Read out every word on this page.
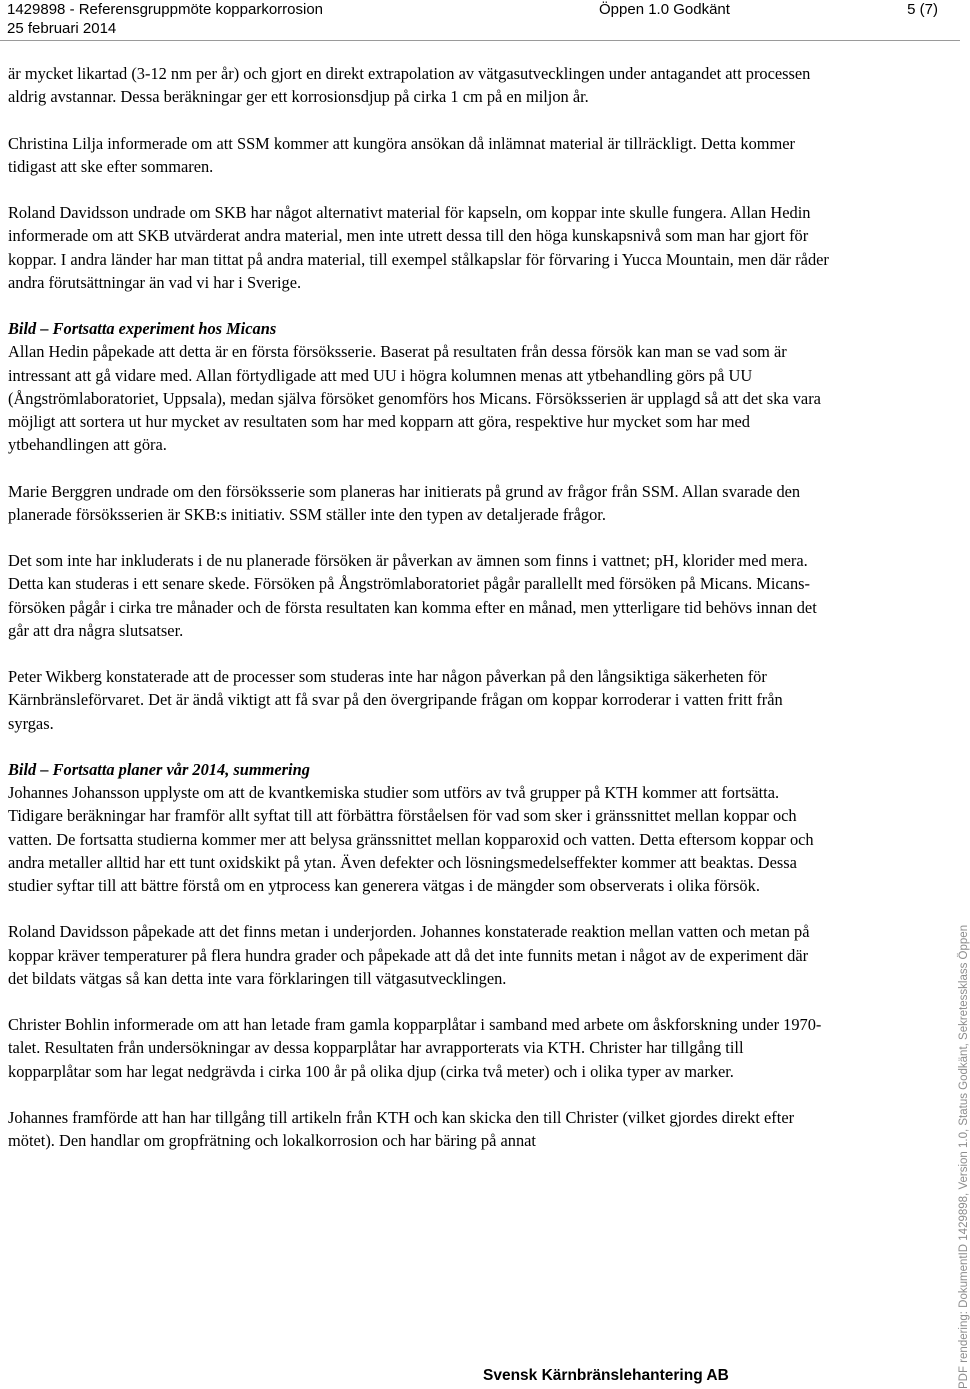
1429898 - Referensgruppmöte kopparkorrosion	Öppen 1.0 Godkänt	5 (7)
25 februari 2014

är mycket likartad (3-12 nm per år) och gjort en direkt extrapolation av vätgasutvecklingen under antagandet att processen aldrig avstannar. Dessa beräkningar ger ett korrosionsdjup på cirka 1 cm på en miljon år.

Christina Lilja informerade om att SSM kommer att kungöra ansökan då inlämnat material är tillräckligt. Detta kommer tidigast att ske efter sommaren.

Roland Davidsson undrade om SKB har något alternativt material för kapseln, om koppar inte skulle fungera. Allan Hedin informerade om att SKB utvärderat andra material, men inte utrett dessa till den höga kunskapsnivå som man har gjort för koppar. I andra länder har man tittat på andra material, till exempel stålkapslar för förvaring i Yucca Mountain, men där råder andra förutsättningar än vad vi har i Sverige.

Bild – Fortsatta experiment hos Micans

Allan Hedin påpekade att detta är en första försöksserie. Baserat på resultaten från dessa försök kan man se vad som är intressant att gå vidare med. Allan förtydligade att med UU i högra kolumnen menas att ytbehandling görs på UU (Ångströmlaboratoriet, Uppsala), medan själva försöket genomförs hos Micans. Försöksserien är upplagd så att det ska vara möjligt att sortera ut hur mycket av resultaten som har med kopparn att göra, respektive hur mycket som har med ytbehandlingen att göra.

Marie Berggren undrade om den försöksserie som planeras har initierats på grund av frågor från SSM. Allan svarade den planerade försöksserien är SKB:s initiativ. SSM ställer inte den typen av detaljerade frågor.

Det som inte har inkluderats i de nu planerade försöken är påverkan av ämnen som finns i vattnet; pH, klorider med mera. Detta kan studeras i ett senare skede. Försöken på Ångströmlaboratoriet pågår parallellt med försöken på Micans. Micans-försöken pågår i cirka tre månader och de första resultaten kan komma efter en månad, men ytterligare tid behövs innan det går att dra några slutsatser.

Peter Wikberg konstaterade att de processer som studeras inte har någon påverkan på den långsiktiga säkerheten för Kärnbränsleförvaret. Det är ändå viktigt att få svar på den övergripande frågan om koppar korroderar i vatten fritt från syrgas.

Bild – Fortsatta planer vår 2014, summering

Johannes Johansson upplyste om att de kvantkemiska studier som utförs av två grupper på KTH kommer att fortsätta. Tidigare beräkningar har framför allt syftat till att förbättra förståelsen för vad som sker i gränssnittet mellan koppar och vatten. De fortsatta studierna kommer mer att belysa gränssnittet mellan kopparoxid och vatten. Detta eftersom koppar och andra metaller alltid har ett tunt oxidskikt på ytan. Även defekter och lösningsmedelseffekter kommer att beaktas. Dessa studier syftar till att bättre förstå om en ytprocess kan generera vätgas i de mängder som observerats i olika försök.

Roland Davidsson påpekade att det finns metan i underjorden. Johannes konstaterade reaktion mellan vatten och metan på koppar kräver temperaturer på flera hundra grader och påpekade att då det inte funnits metan i något av de experiment där det bildats vätgas så kan detta inte vara förklaringen till vätgasutvecklingen.

Christer Bohlin informerade om att han letade fram gamla kopparplåtar i samband med arbete om åskforskning under 1970-talet. Resultaten från undersökningar av dessa kopparplåtar har avrapporterats via KTH. Christer har tillgång till kopparplåtar som har legat nedgrävda i cirka 100 år på olika djup (cirka två meter) och i olika typer av marker.

Johannes framförde att han har tillgång till artikeln från KTH och kan skicka den till Christer (vilket gjordes direkt efter mötet). Den handlar om gropfrätning och lokalkorrosion och har bäring på annat

Svensk Kärnbränslehantering AB	PDF rendering: DokumentID 1429898, Version 1.0, Status Godkänt, Sekretessklass Öppen
